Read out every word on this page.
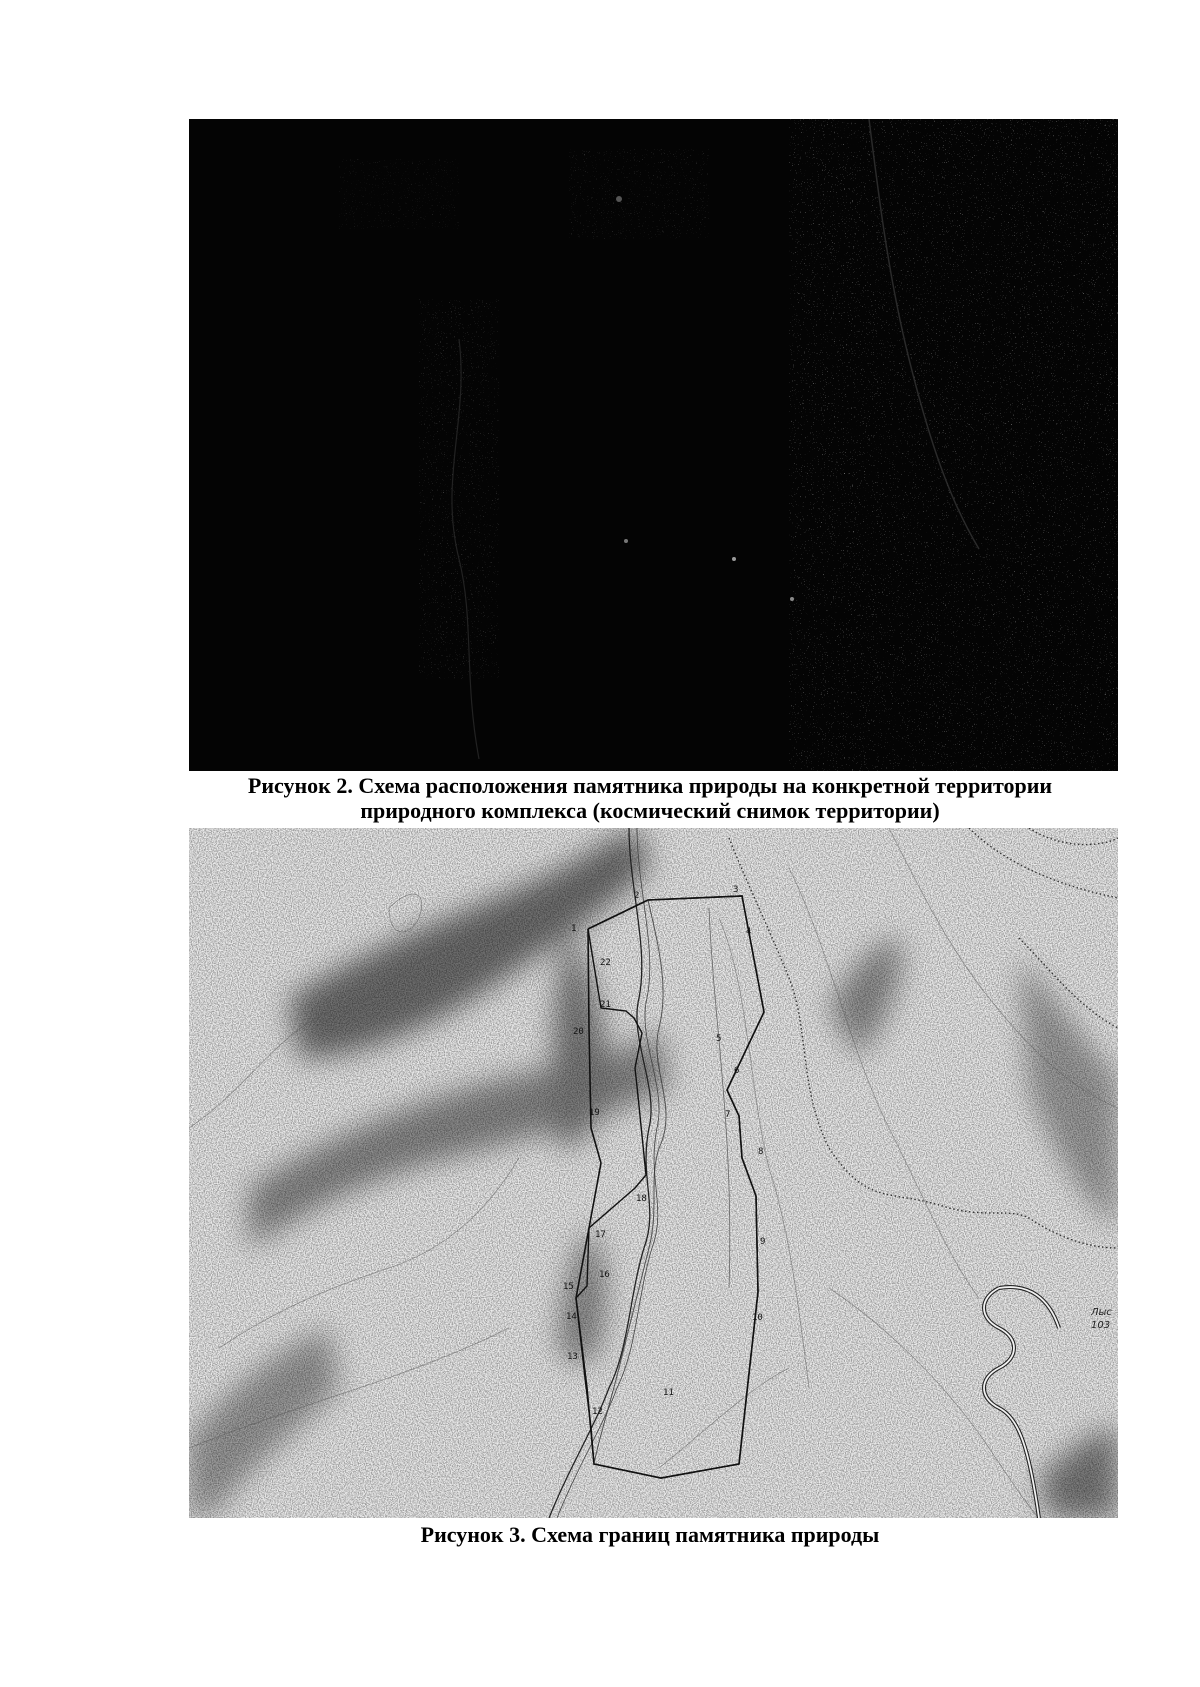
Рисунок 2. Схема расположения памятника природы на конкретной территории
природного комплекса (космический снимок территории)
Лыс
103
1
2
3
4
5
6
7
8
9
10
11
12
13
14
15
16
17
18
19
20
21
22
Рисунок 3. Схема границ памятника природы
